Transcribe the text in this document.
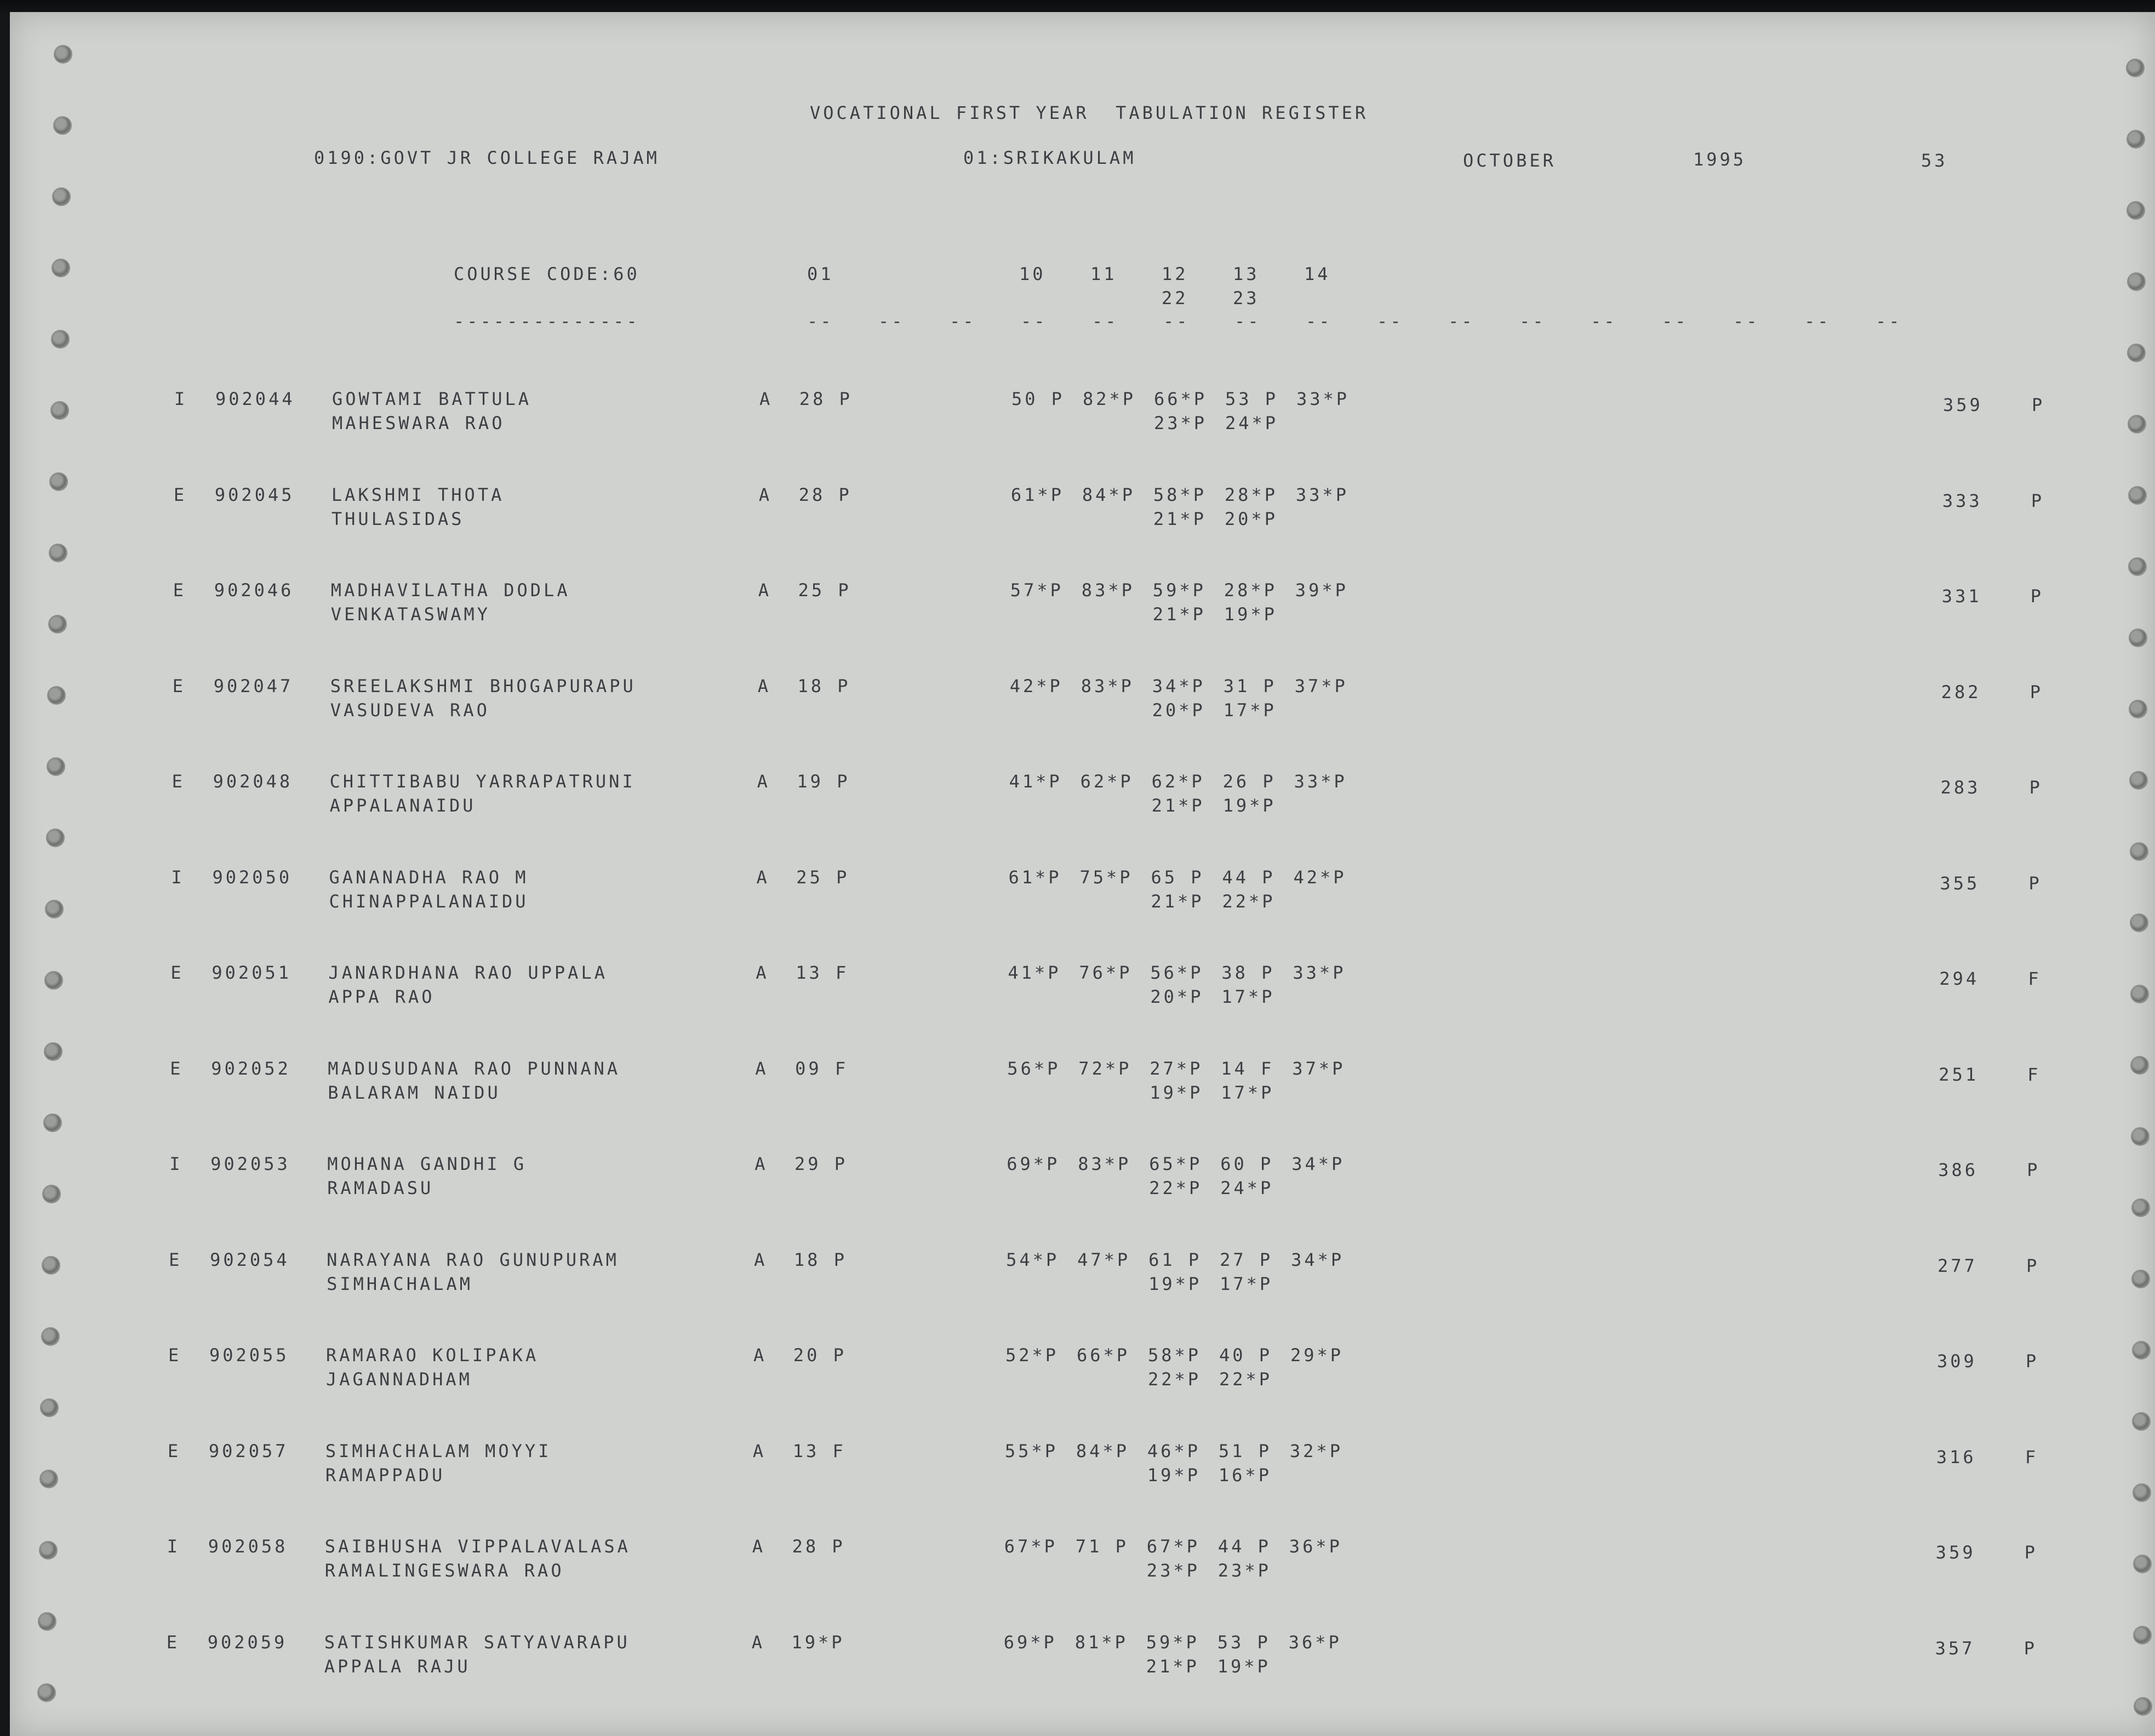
VOCATIONAL FIRST YEAR  TABULATION REGISTER
0190:GOVT JR COLLEGE RAJAM	01:SRIKAKULAM	OCTOBER	1995	53
COURSE CODE:60
--------------
01	10	11	12	13	14
22	23
--	--	--	--	--	--	--	--	--	--	--	--	--	--	--	--
I 902044 GOWTAMI BATTULA
MAHESWARA RAO
A  28 P	50 P 82*P 66*P 53 P 33*P
23*P 24*P
359	P
E 902045 LAKSHMI THOTA
THULASIDAS
A  28 P	61*P 84*P 58*P 28*P 33*P
21*P 20*P
333	P
E 902046 MADHAVILATHA DODLA
VENKATASWAMY
A  25 P	57*P 83*P 59*P 28*P 39*P
21*P 19*P
331	P
E 902047 SREELAKSHMI BHOGAPURAPU
VASUDEVA RAO
A  18 P	42*P 83*P 34*P 31 P 37*P
20*P 17*P
282	P
E 902048 CHITTIBABU YARRAPATRUNI
APPALANAIDU
A  19 P	41*P 62*P 62*P 26 P 33*P
21*P 19*P
283	P
I 902050 GANANADHA RAO M
CHINAPPALANAIDU
A  25 P	61*P 75*P 65 P 44 P 42*P
21*P 22*P
355	P
E 902051 JANARDHANA RAO UPPALA
APPA RAO
A  13 F	41*P 76*P 56*P 38 P 33*P
20*P 17*P
294	F
E 902052 MADUSUDANA RAO PUNNANA
BALARAM NAIDU
A  09 F	56*P 72*P 27*P 14 F 37*P
19*P 17*P
251	F
I 902053 MOHANA GANDHI G
RAMADASU
A  29 P	69*P 83*P 65*P 60 P 34*P
22*P 24*P
386	P
E 902054 NARAYANA RAO GUNUPURAM
SIMHACHALAM
A  18 P	54*P 47*P 61 P 27 P 34*P
19*P 17*P
277	P
E 902055 RAMARAO KOLIPAKA
JAGANNADHAM
A  20 P	52*P 66*P 58*P 40 P 29*P
22*P 22*P
309	P
E 902057 SIMHACHALAM MOYYI
RAMAPPADU
A  13 F	55*P 84*P 46*P 51 P 32*P
19*P 16*P
316	F
I 902058 SAIBHUSHA VIPPALAVALASA
RAMALINGESWARA RAO
A  28 P	67*P 71 P 67*P 44 P 36*P
23*P 23*P
359	P
E 902059 SATISHKUMAR SATYAVARAPU
APPALA RAJU
A  19*P	69*P 81*P 59*P 53 P 36*P
21*P 19*P
357	P
